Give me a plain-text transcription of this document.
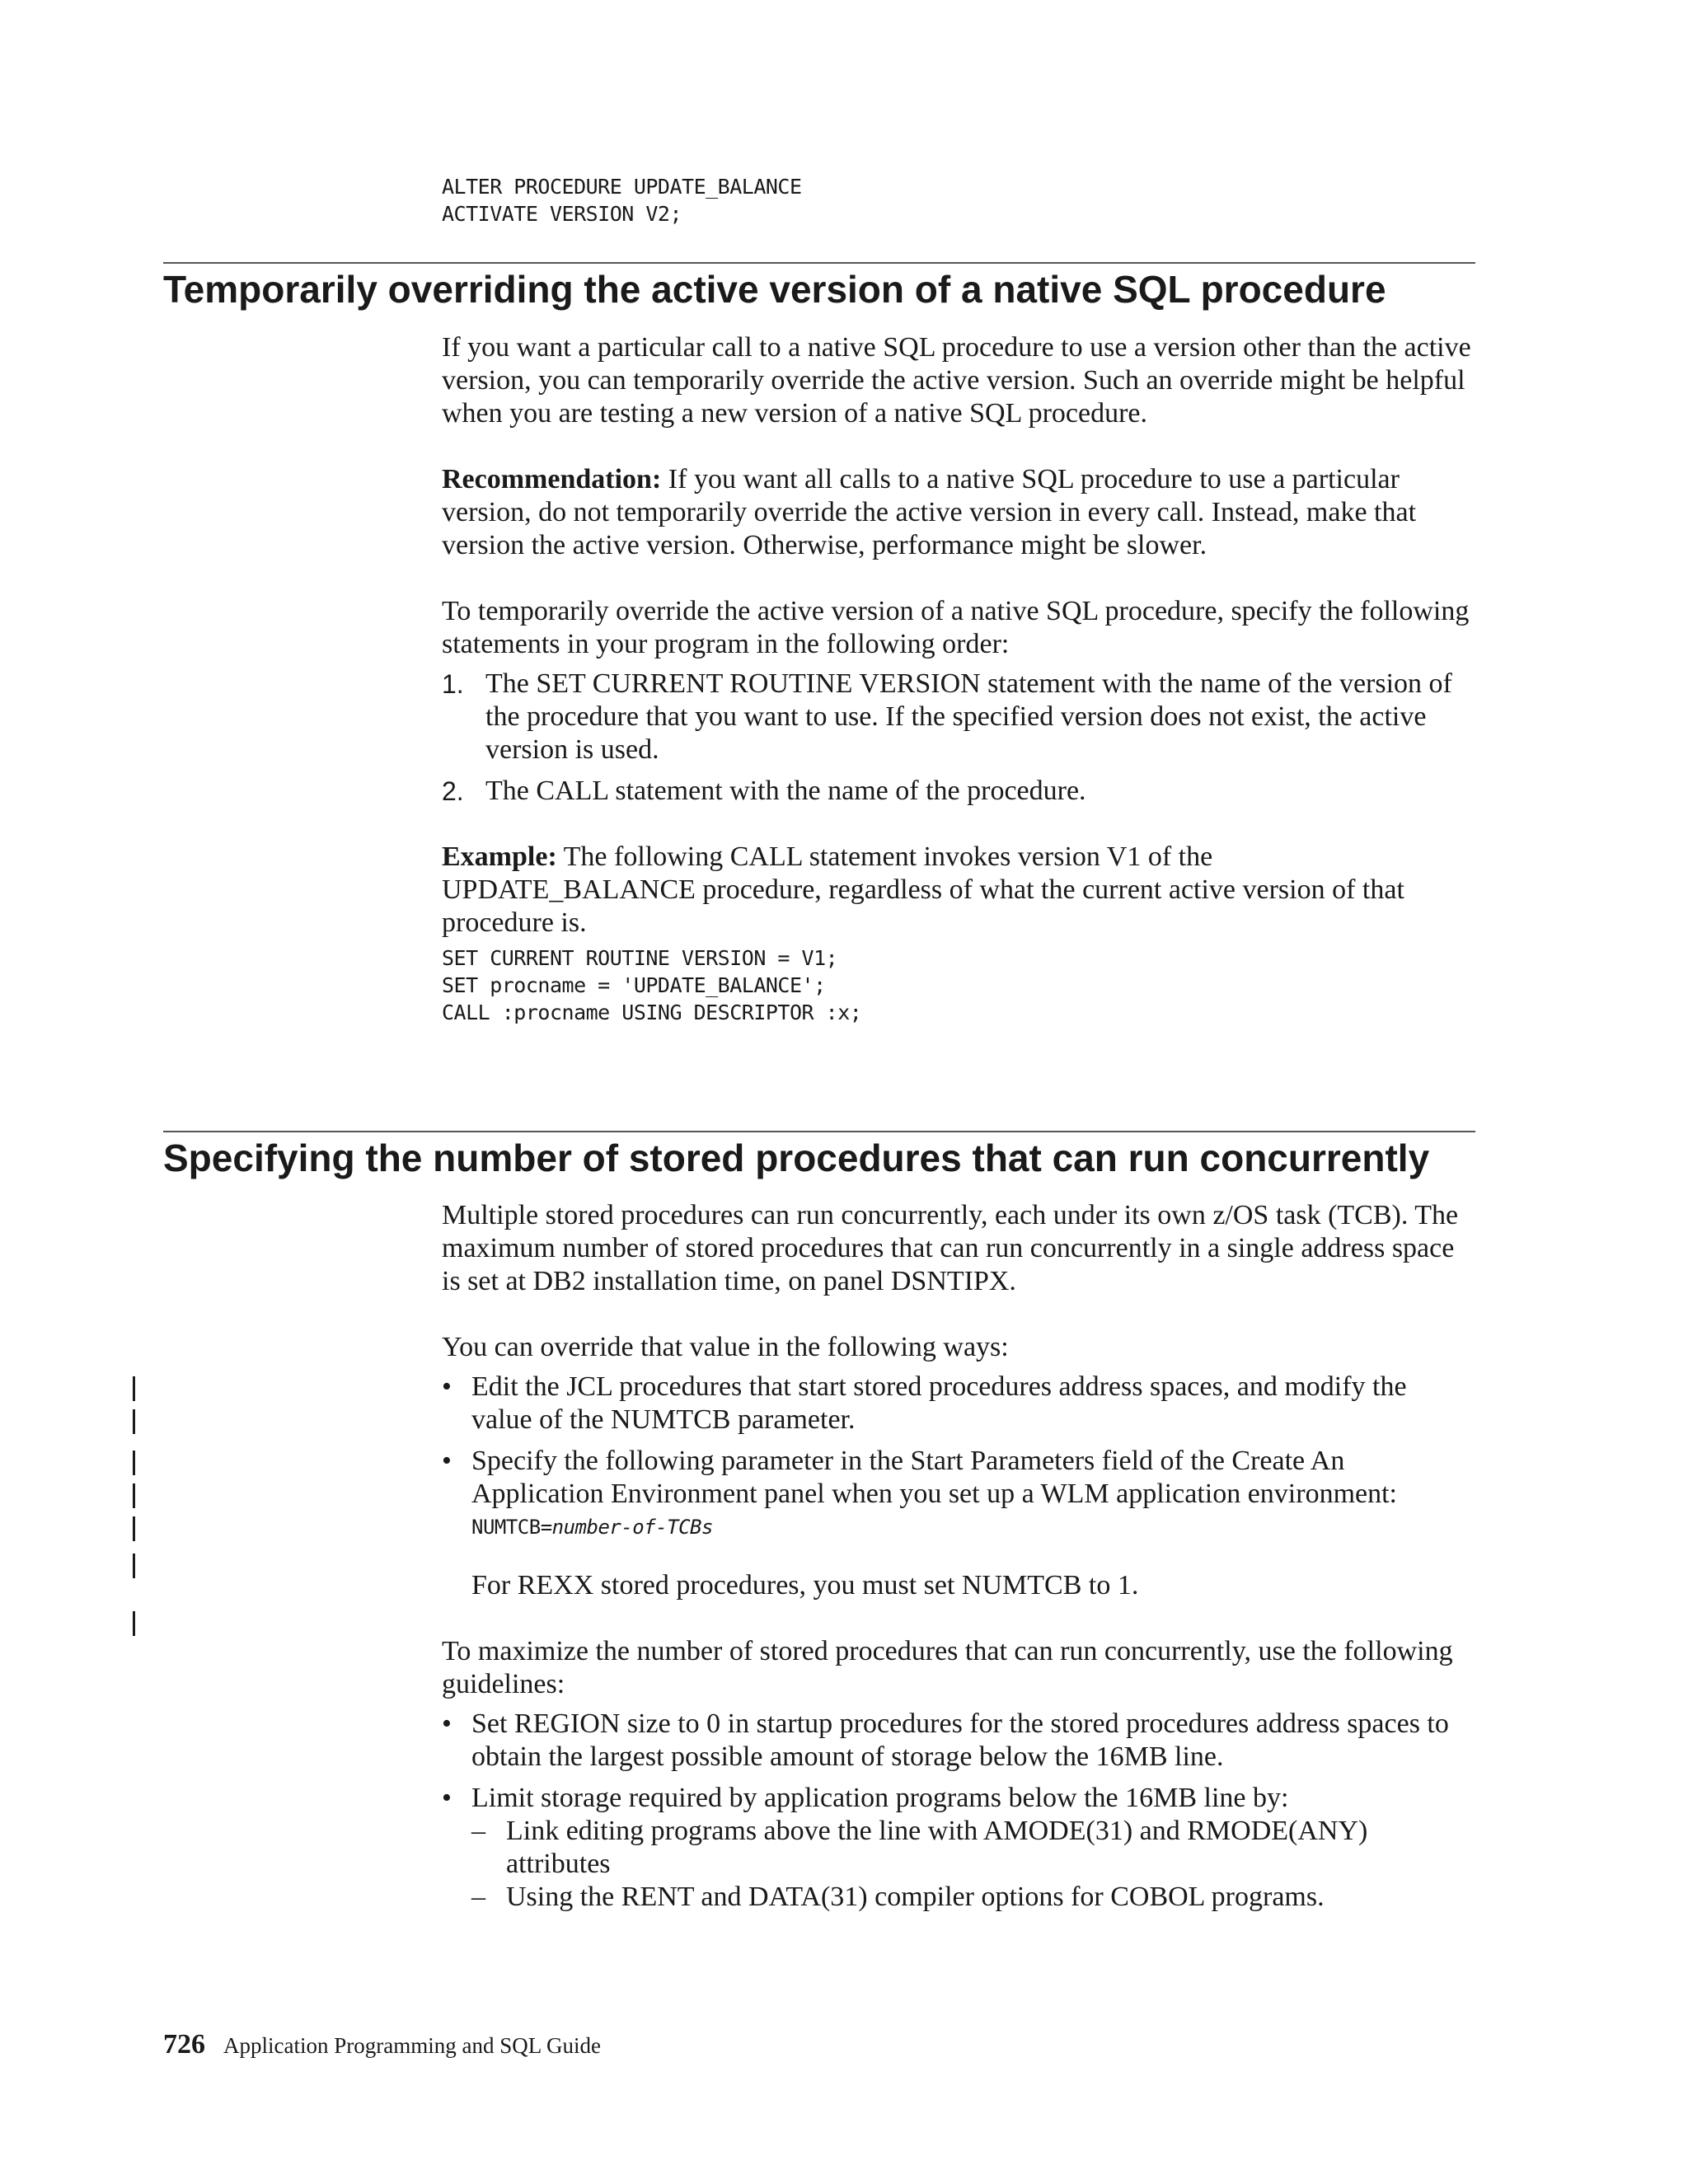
ALTER PROCEDURE UPDATE_BALANCE
ACTIVATE VERSION V2;
Temporarily overriding the active version of a native SQL procedure

If you want a particular call to a native SQL procedure to use a version other than the active version, you can temporarily override the active version. Such an override might be helpful when you are testing a new version of a native SQL procedure.

Recommendation: If you want all calls to a native SQL procedure to use a particular version, do not temporarily override the active version in every call. Instead, make that version the active version. Otherwise, performance might be slower.

To temporarily override the active version of a native SQL procedure, specify the following statements in your program in the following order:

1. The SET CURRENT ROUTINE VERSION statement with the name of the version of the procedure that you want to use. If the specified version does not exist, the active version is used.
2. The CALL statement with the name of the procedure.

Example: The following CALL statement invokes version V1 of the UPDATE_BALANCE procedure, regardless of what the current active version of that procedure is.

SET CURRENT ROUTINE VERSION = V1;
SET procname = 'UPDATE_BALANCE';
CALL :procname USING DESCRIPTOR :x;
Specifying the number of stored procedures that can run concurrently

Multiple stored procedures can run concurrently, each under its own z/OS task (TCB). The maximum number of stored procedures that can run concurrently in a single address space is set at DB2 installation time, on panel DSNTIPX.

You can override that value in the following ways:

• Edit the JCL procedures that start stored procedures address spaces, and modify the value of the NUMTCB parameter.
• Specify the following parameter in the Start Parameters field of the Create An Application Environment panel when you set up a WLM application environment:
NUMTCB=number-of-TCBs

For REXX stored procedures, you must set NUMTCB to 1.

To maximize the number of stored procedures that can run concurrently, use the following guidelines:

• Set REGION size to 0 in startup procedures for the stored procedures address spaces to obtain the largest possible amount of storage below the 16MB line.
• Limit storage required by application programs below the 16MB line by:
– Link editing programs above the line with AMODE(31) and RMODE(ANY) attributes
– Using the RENT and DATA(31) compiler options for COBOL programs.
726 Application Programming and SQL Guide
